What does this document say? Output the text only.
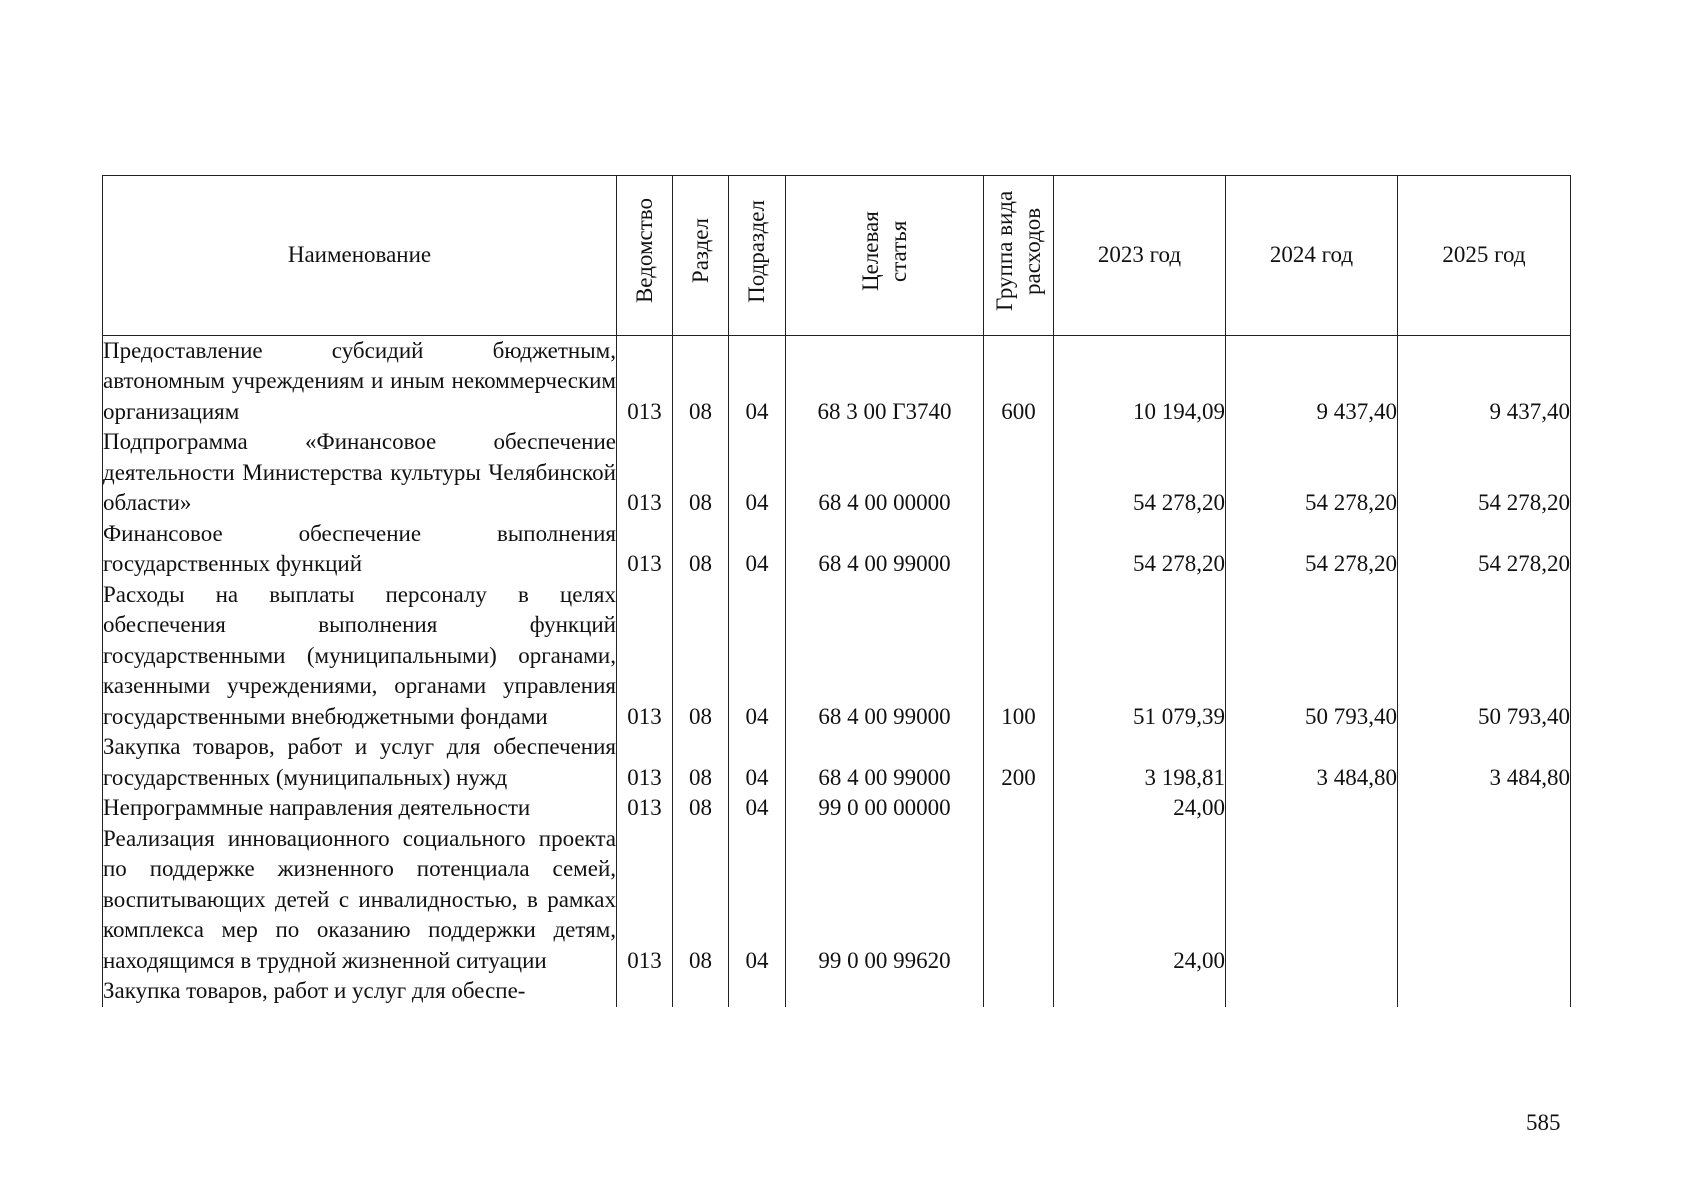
Наименование	Ведомство	Раздел	Подраздел	Целевая статья	Группа вида расходов	2023 год	2024 год	2025 год
Предоставление субсидий бюджетным, автономным учреждениям и иным некоммерческим организациям	013	08	04	68 3 00 Г3740	600	10 194,09	9 437,40	9 437,40
Подпрограмма «Финансовое обеспечение деятельности Министерства культуры Челябинской области»	013	08	04	68 4 00 00000		54 278,20	54 278,20	54 278,20
Финансовое обеспечение выполнения государственных функций	013	08	04	68 4 00 99000		54 278,20	54 278,20	54 278,20
Расходы на выплаты персоналу в целях обеспечения выполнения функций государственными (муниципальными) органами, казенными учреждениями, органами управления государственными внебюджетными фондами	013	08	04	68 4 00 99000	100	51 079,39	50 793,40	50 793,40
Закупка товаров, работ и услуг для обеспечения государственных (муниципальных) нужд	013	08	04	68 4 00 99000	200	3 198,81	3 484,80	3 484,80
Непрограммные направления деятельности	013	08	04	99 0 00 00000		24,00		
Реализация инновационного социального проекта по поддержке жизненного потенциала семей, воспитывающих детей с инвалидностью, в рамках комплекса мер по оказанию поддержки детям, находящимся в трудной жизненной ситуации	013	08	04	99 0 00 99620		24,00		
Закупка товаров, работ и услуг для обеспе-								
585
